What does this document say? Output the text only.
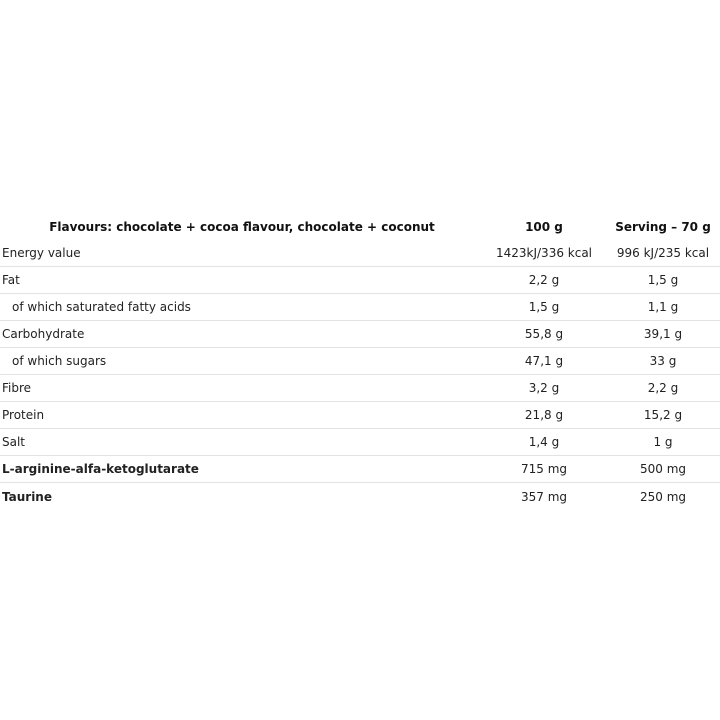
Flavours: chocolate + cocoa flavour, chocolate + coconut	100 g	Serving – 70 g
Energy value	1423kJ/336 kcal	996 kJ/235 kcal
Fat	2,2 g	1,5 g
of which saturated fatty acids	1,5 g	1,1 g
Carbohydrate	55,8 g	39,1 g
of which sugars	47,1 g	33 g
Fibre	3,2 g	2,2 g
Protein	21,8 g	15,2 g
Salt	1,4 g	1 g
L-arginine-alfa-ketoglutarate	715 mg	500 mg
Taurine	357 mg	250 mg
